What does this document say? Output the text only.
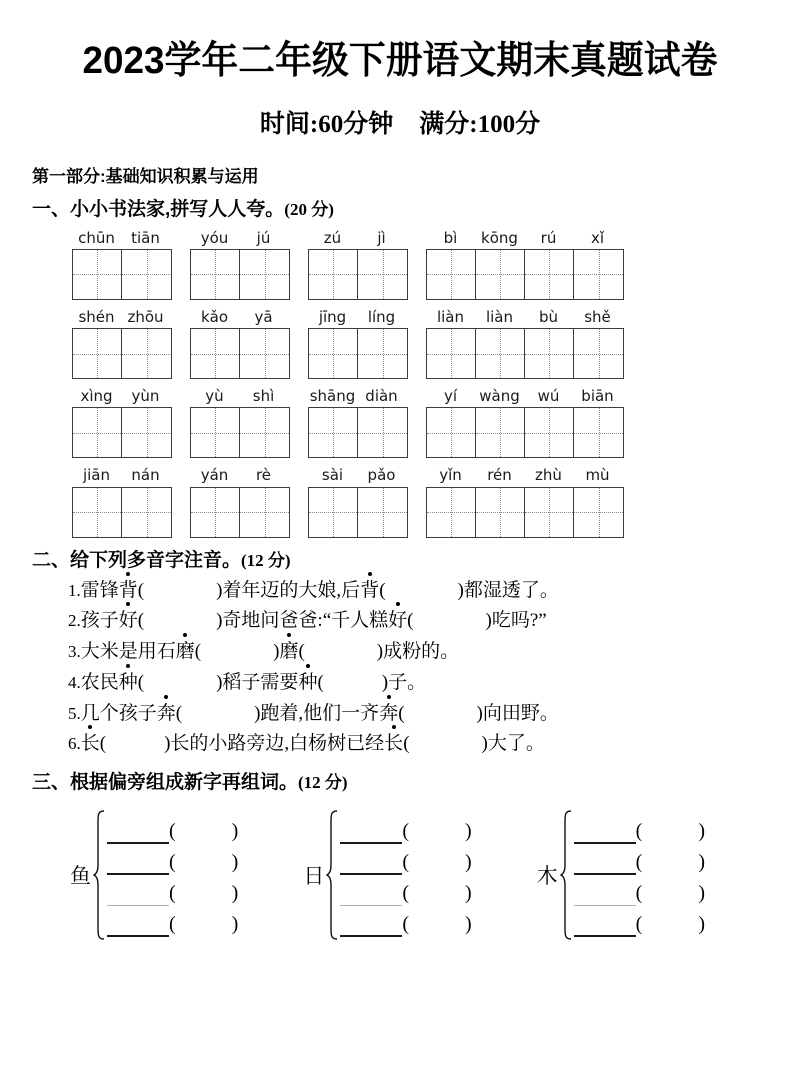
2023学年二年级下册语文期末真题试卷
时间:60分钟 满分:100分
第一部分:基础知识积累与运用
一、小小书法家,拼写人人夸。(20 分)
chūn	tiān	yóu	jú	zú	jì	bì	kōng	rú	xǐ
shén zhōu	kǎo	yā	jīng	líng	liàn	liàn	bù	shě
xìng	yùn	yù	shì	shāng diàn	yí	wàng	wú	biān
jiān	nán	yán	rè	sài	pǎo	yǐn	rén	zhù	mù
二、给下列多音字注音。(12 分)
1.雷锋背(	)着年迈的大娘,后背(	)都湿透了。
2.孩子好(	)奇地问爸爸:“千人糕好(	)吃吗?”
3.大米是用石磨(	)磨(	)成粉的。
4.农民种(	)稻子需要种(	)子。
5.几个孩子奔(	)跑着,他们一齐奔(	)向田野。
6.长(	)长的小路旁边,白杨树已经长(	)大了。
三、根据偏旁组成新字再组词。(12 分)
鱼
(	)
(	)
(	)
(	)
日
(	)
(	)
(	)
(	)
木
(	)
(	)
(	)
(	)
